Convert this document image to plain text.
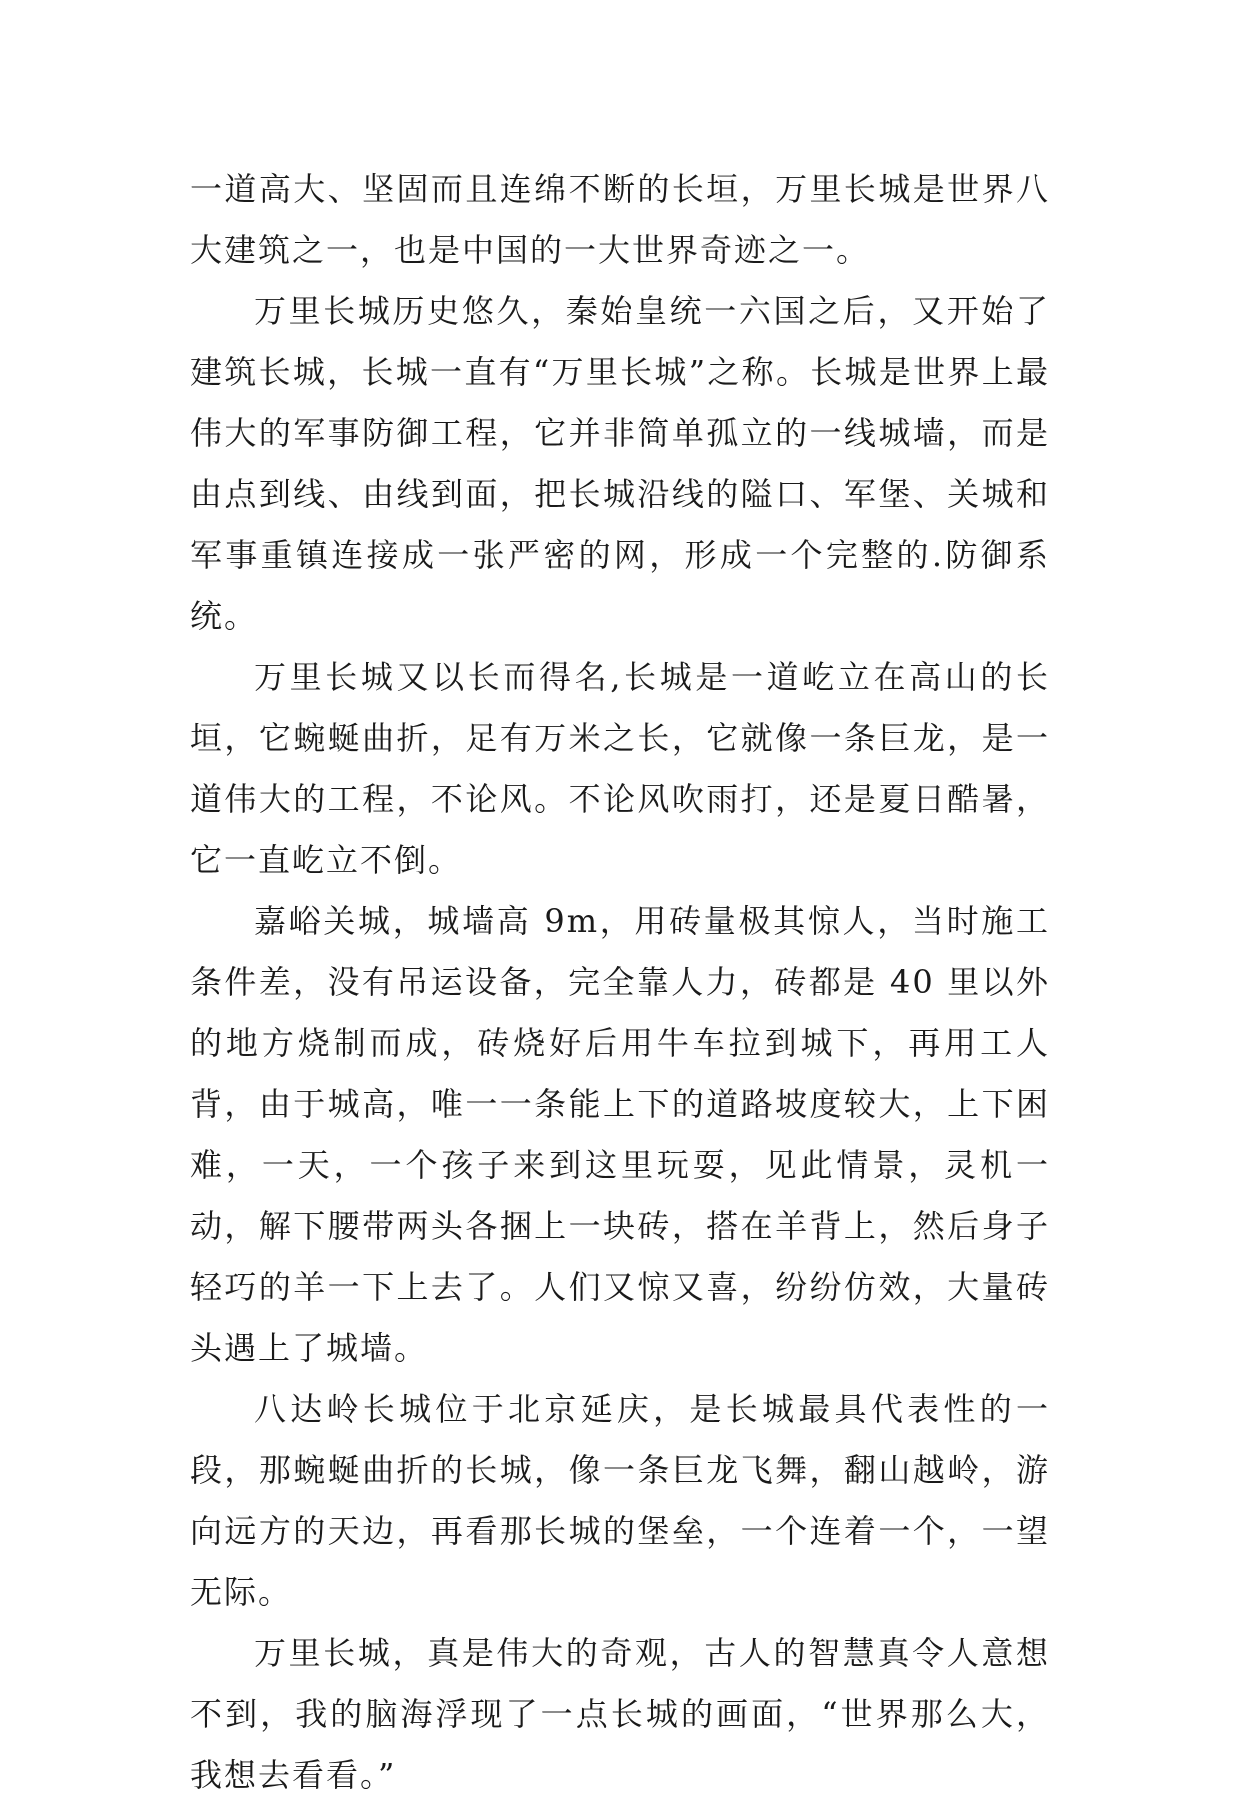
一道高大、坚固而且连绵不断的长垣，万里长城是世界八大建筑之一，也是中国的一大世界奇迹之一。

万里长城历史悠久，秦始皇统一六国之后，又开始了建筑长城，长城一直有“万里长城”之称。长城是世界上最伟大的军事防御工程，它并非简单孤立的一线城墙，而是由点到线、由线到面，把长城沿线的隘口、军堡、关城和军事重镇连接成一张严密的网，形成一个完整的.防御系统。

万里长城又以长而得名,长城是一道屹立在高山的长垣，它蜿蜒曲折，足有万米之长，它就像一条巨龙，是一道伟大的工程，不论风。不论风吹雨打，还是夏日酷暑，它一直屹立不倒。

嘉峪关城，城墙高 9m，用砖量极其惊人，当时施工条件差，没有吊运设备，完全靠人力，砖都是 40 里以外的地方烧制而成，砖烧好后用牛车拉到城下，再用工人背，由于城高，唯一一条能上下的道路坡度较大，上下困难，一天，一个孩子来到这里玩耍，见此情景，灵机一动，解下腰带两头各捆上一块砖，搭在羊背上，然后身子轻巧的羊一下上去了。人们又惊又喜，纷纷仿效，大量砖头遇上了城墙。

八达岭长城位于北京延庆，是长城最具代表性的一段，那蜿蜒曲折的长城，像一条巨龙飞舞，翻山越岭，游向远方的天边，再看那长城的堡垒，一个连着一个，一望无际。

万里长城，真是伟大的奇观，古人的智慧真令人意想不到，我的脑海浮现了一点长城的画面，“世界那么大，我想去看看。”
